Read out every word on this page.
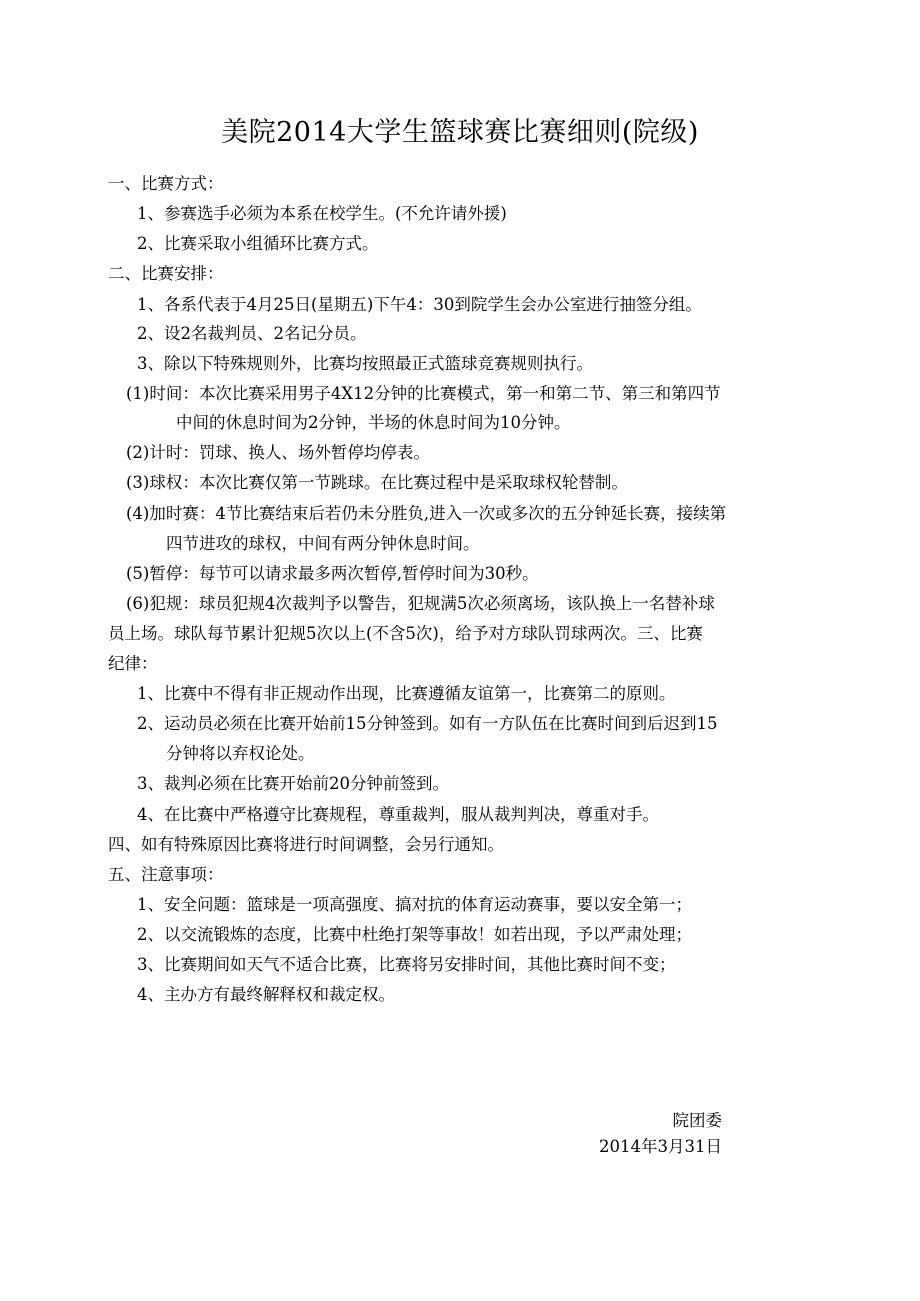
美院2014大学生篮球赛比赛细则(院级)
一、比赛方式：
1、参赛选手必须为本系在校学生。(不允许请外援)
2、比赛采取小组循环比赛方式。
二、比赛安排：
1、各系代表于4月25日(星期五)下午4：30到院学生会办公室进行抽签分组。
2、设2名裁判员、2名记分员。
3、除以下特殊规则外，比赛均按照最正式篮球竞赛规则执行。
(1)时间：本次比赛采用男子4X12分钟的比赛模式，第一和第二节、第三和第四节
中间的休息时间为2分钟，半场的休息时间为10分钟。
(2)计时：罚球、换人、场外暂停均停表。
(3)球权：本次比赛仅第一节跳球。在比赛过程中是采取球权轮替制。
(4)加时赛：4节比赛结束后若仍未分胜负,进入一次或多次的五分钟延长赛，接续第
四节进攻的球权，中间有两分钟休息时间。
(5)暂停：每节可以请求最多两次暂停,暂停时间为30秒。
(6)犯规：球员犯规4次裁判予以警告，犯规满5次必须离场，该队换上一名替补球
员上场。球队每节累计犯规5次以上(不含5次)，给予对方球队罚球两次。三、比赛
纪律：
1、比赛中不得有非正规动作出现，比赛遵循友谊第一，比赛第二的原则。
2、运动员必须在比赛开始前15分钟签到。如有一方队伍在比赛时间到后迟到15
分钟将以弃权论处。
3、裁判必须在比赛开始前20分钟前签到。
4、在比赛中严格遵守比赛规程，尊重裁判，服从裁判判决，尊重对手。
四、如有特殊原因比赛将进行时间调整，会另行通知。
五、注意事项：
1、安全问题：篮球是一项高强度、搞对抗的体育运动赛事，要以安全第一；
2、以交流锻炼的态度，比赛中杜绝打架等事故！如若出现，予以严肃处理；
3、比赛期间如天气不适合比赛，比赛将另安排时间，其他比赛时间不变；
4、主办方有最终解释权和裁定权。
院团委
2014年3月31日
